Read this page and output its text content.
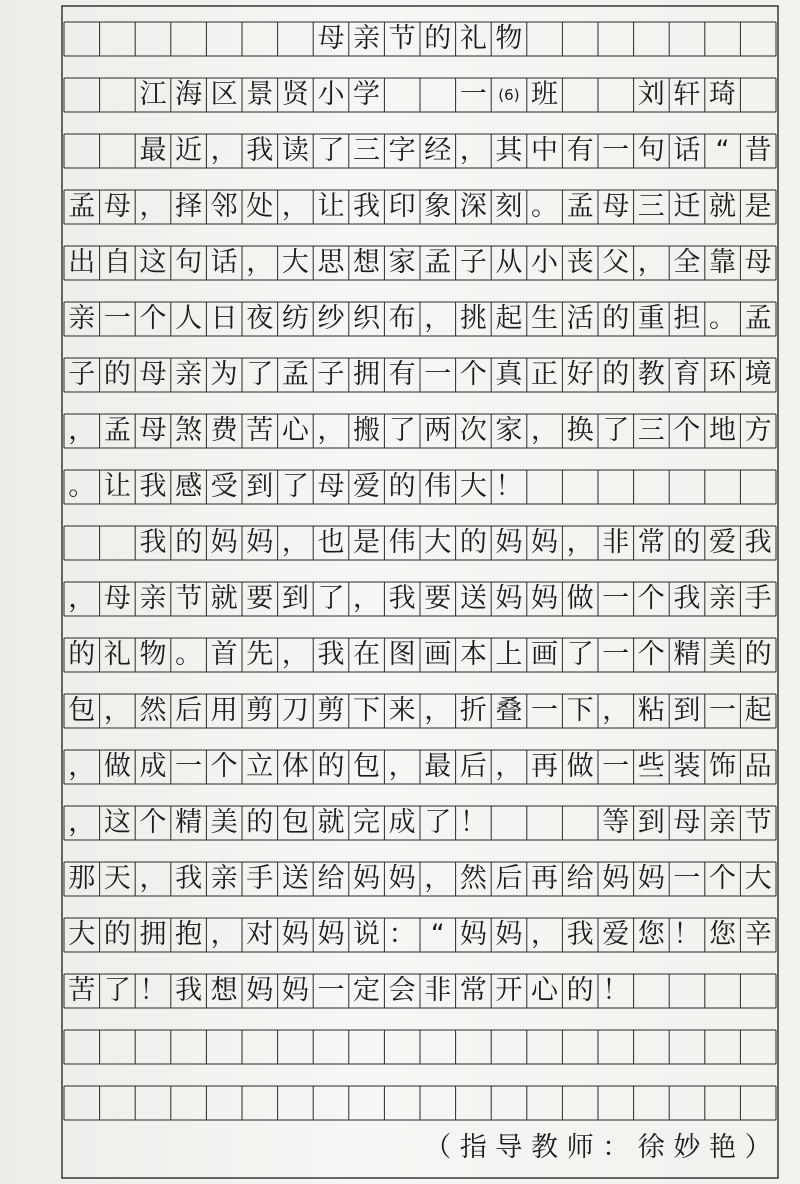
母 亲 节 的 礼 物
江 海 区 景 贤 小 学	一 (6) 班	刘 轩 琦
最 近 ， 我 读 了 三 字 经 ， 其 中 有 一 句 话 “ 昔
孟 母 ， 择 邻 处 ， 让 我 印 象 深 刻 。 孟 母 三 迁 就 是
出 自 这 句 话 ， 大 思 想 家 孟 子 从 小 丧 父 ， 全 靠 母
亲 一 个 人 日 夜 纺 纱 织 布 ， 挑 起 生 活 的 重 担 。 孟
子 的 母 亲 为 了 孟 子 拥 有 一 个 真 正 好 的 教 育 环 境
， 孟 母 煞 费 苦 心 ， 搬 了 两 次 家 ， 换 了 三 个 地 方
。 让 我 感 受 到 了 母 爱 的 伟 大 ！
我 的 妈 妈 ， 也 是 伟 大 的 妈 妈 ， 非 常 的 爱 我
， 母 亲 节 就 要 到 了 ， 我 要 送 妈 妈 做 一 个 我 亲 手
的 礼 物 。 首 先 ， 我 在 图 画 本 上 画 了 一 个 精 美 的
包 ， 然 后 用 剪 刀 剪 下 来 ， 折 叠 一 下 ， 粘 到 一 起
， 做 成 一 个 立 体 的 包 ， 最 后 ， 再 做 一 些 装 饰 品
， 这 个 精 美 的 包 就 完 成 了 ！	等 到 母 亲 节
那 天 ， 我 亲 手 送 给 妈 妈 ， 然 后 再 给 妈 妈 一 个 大
大 的 拥 抱 ， 对 妈 妈 说 ： “ 妈 妈 ， 我 爱 您 ！ 您 辛
苦 了 ！ 我 想 妈 妈 一 定 会 非 常 开 心 的 ！
（ 指 导 教 师 ： 徐 妙 艳 ）
